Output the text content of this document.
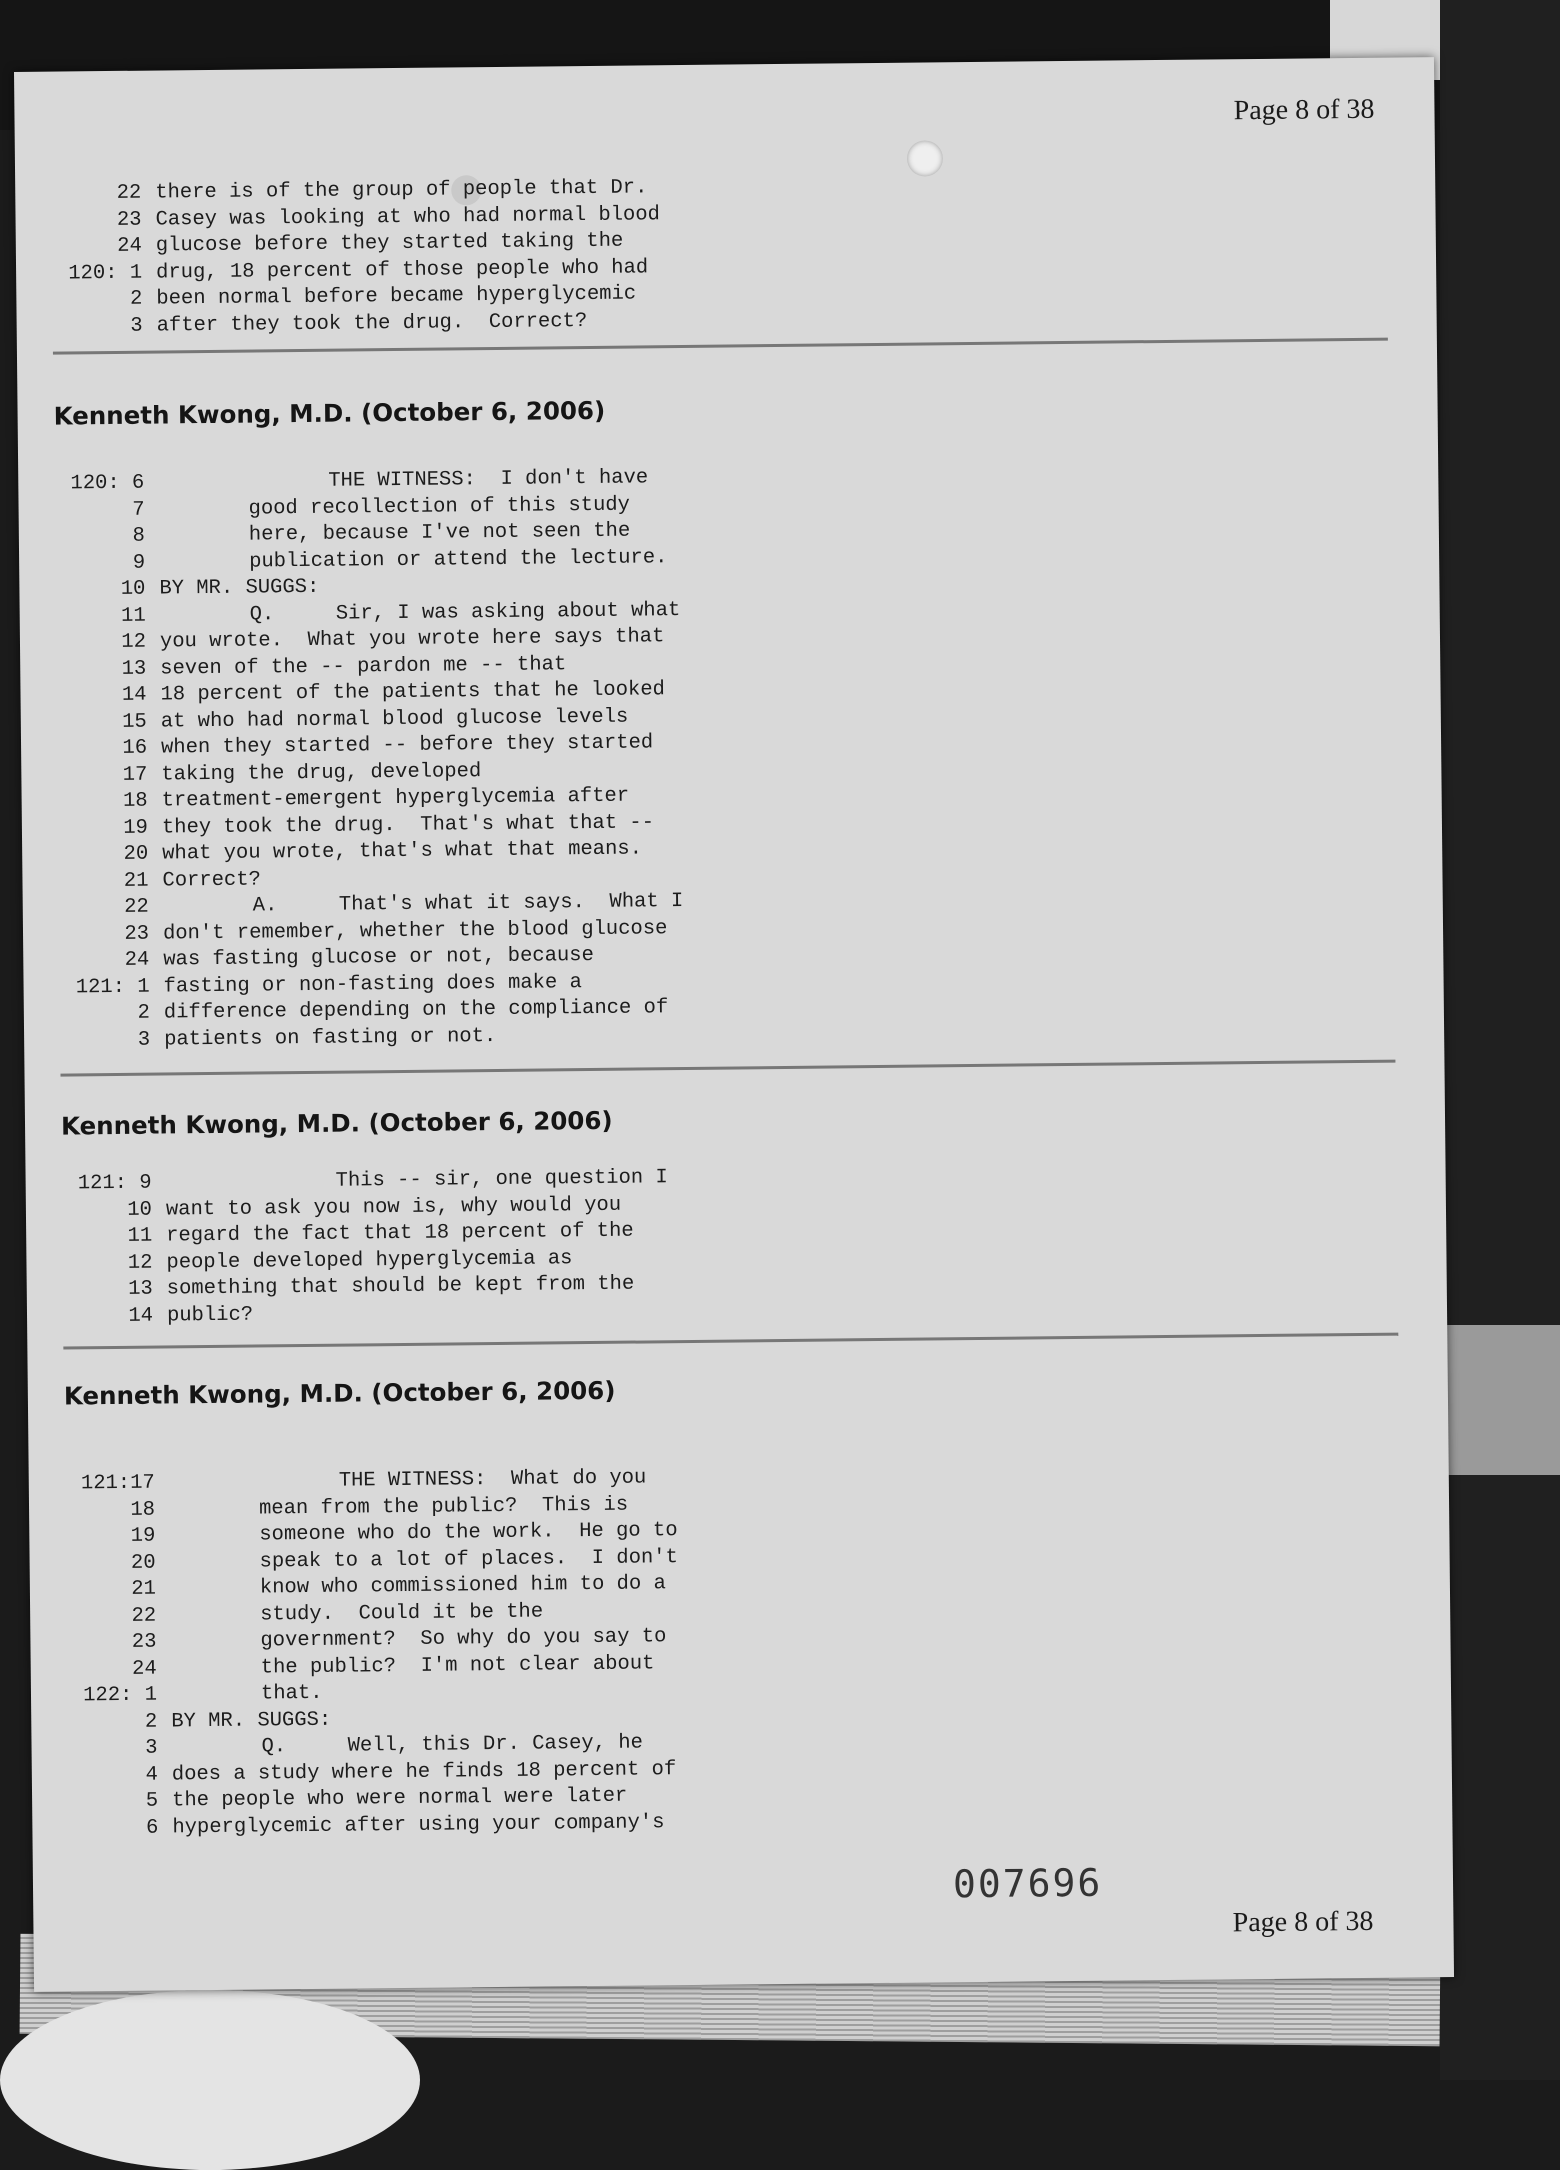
Page 8 of 38
22 there is of the group of people that Dr.
23 Casey was looking at who had normal blood
24 glucose before they started taking the
120: 1 drug, 18 percent of those people who had
2 been normal before became hyperglycemic
3 after they took the drug.  Correct?
Kenneth Kwong, M.D. (October 6, 2006)
120: 6	THE WITNESS:  I don't have
7	good recollection of this study
8	here, because I've not seen the
9	publication or attend the lecture.
10 BY MR. SUGGS:
11	Q.     Sir, I was asking about what
12 you wrote.  What you wrote here says that
13 seven of the -- pardon me -- that
14 18 percent of the patients that he looked
15 at who had normal blood glucose levels
16 when they started -- before they started
17 taking the drug, developed
18 treatment-emergent hyperglycemia after
19 they took the drug.  That's what that --
20 what you wrote, that's what that means.
21 Correct?
22	A.     That's what it says.  What I
23 don't remember, whether the blood glucose
24 was fasting glucose or not, because
121: 1 fasting or non-fasting does make a
2 difference depending on the compliance of
3 patients on fasting or not.
Kenneth Kwong, M.D. (October 6, 2006)
121: 9	This -- sir, one question I
10 want to ask you now is, why would you
11 regard the fact that 18 percent of the
12 people developed hyperglycemia as
13 something that should be kept from the
14 public?
Kenneth Kwong, M.D. (October 6, 2006)
121:17	THE WITNESS:  What do you
18	mean from the public?  This is
19	someone who do the work.  He go to
20	speak to a lot of places.  I don't
21	know who commissioned him to do a
22	study.  Could it be the
23	government?  So why do you say to
24	the public?  I'm not clear about
122: 1	that.
2 BY MR. SUGGS:
3	Q.     Well, this Dr. Casey, he
4 does a study where he finds 18 percent of
5 the people who were normal were later
6 hyperglycemic after using your company's
007696
Page 8 of 38
